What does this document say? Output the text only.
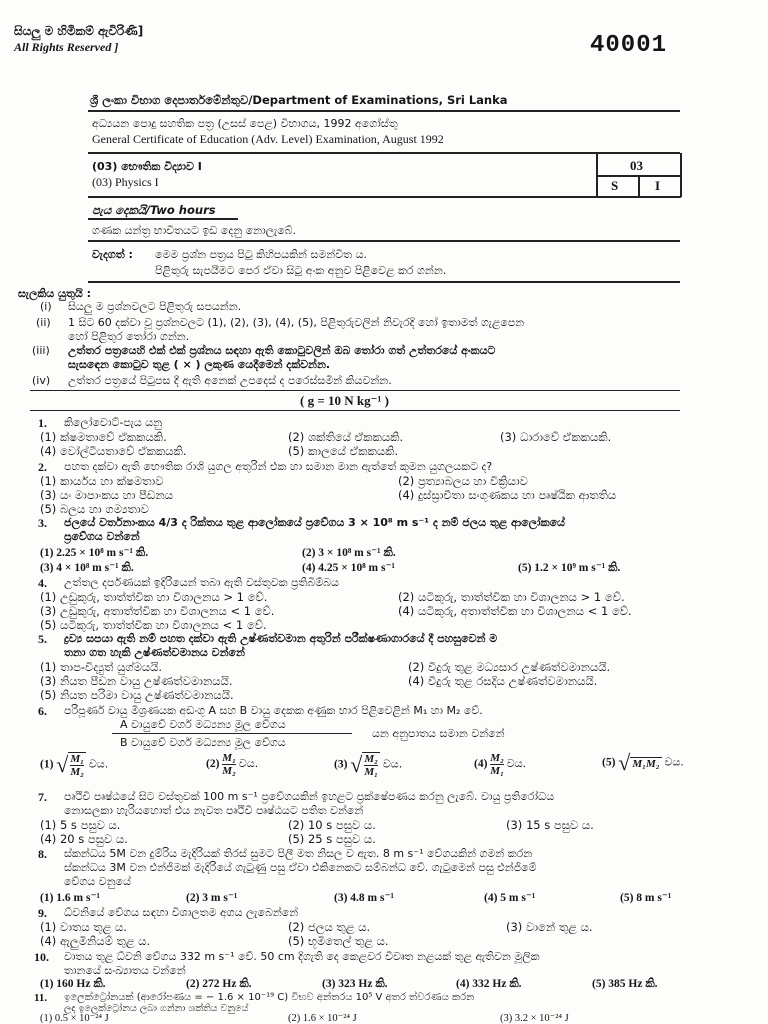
සියලු ම හිමිකම් ඇවිරිණි]
All Rights Reserved ]	40001
ශ්‍රී ලංකා විභාග දෙපාර්තමේන්තුව/Department of Examinations, Sri Lanka
අධ්‍යයන පොදු සහතික පත්‍ර (උසස් පෙළ) විභාගය, 1992 අගෝස්තු
General Certificate of Education (Adv. Level) Examination, August 1992
(03) භෞතික විද්‍යාව I
(03) Physics I
03
S	I
පැය දෙකයි/Two hours
ගණක යන්ත්‍ර භාවිතයට ඉඩ දෙනු නොලැබේ.
වැදගත් : මෙම ප්‍රශ්න පත්‍රය පිටු කිහිපයකින් සමන්විත ය.
පිළිතුරු සැපයීමට පෙර ඒවා සිටු අංක අනුව පිළිවෙළ කර ගන්න.
සැලකිය යුතුයි :
(i) සියලු ම ප්‍රශ්නවලට පිළිතුරු සපයන්න.
(ii) 1 සිට 60 දක්වා වූ ප්‍රශ්නවලට (1), (2), (3), (4), (5), පිළිතුරුවලින් නිවැරදි හෝ ඉතාමත් ගැළපෙන
හෝ පිළිතුර තෝරා ගන්න.
(iii) උත්තර පත්‍රයෙහි එක් එක් ප්‍රශ්නය සඳහා ඇති කොටුවලින් ඔබ තෝරා ගත් උත්තරයේ අංකයට
සැසඳෙන කොටුව තුළ ( × ) ලකුණ යෙදීමෙන් දක්වන්න.
(iv) උත්තර පත්‍රයේ පිටුපස දී ඇති අනෙක් උපදෙස් ද පරෙස්සමින් කියවන්න.
( g = 10 N kg⁻¹ )
1. කිලෝවොට්-පැය යනු
(1) ක්ෂමතාවේ ඒකකයකි.	(2) ශක්තියේ ඒකකයකි.	(3) ධාරාවේ ඒකකයකි.
(4) වෝල්ටීයතාවේ ඒකකයකි.	(5) කාලයේ ඒකකයකි.
2. පහත දක්වා ඇති භෞතික රාශි යුගල අතුරින් එක හා සමාන මාන ඇත්තේ කුමන යුගලයකට ද?
(1) කාර්යය හා ක්ෂමතාව	(2) ප්‍රත්‍යාබලය හා වික්‍රියාව
(3) යං මාපාංකය හා පීඩනය	(4) දුස්ස්‍රාවීතා සංගුණකය හා පෘෂ්ඨික ආතතිය
(5) බලය හා ගම්‍යතාව
3. ජලයේ වර්තනාංකය 4/3 ද රික්තය තුළ ආලෝකයේ ප්‍රවේගය 3 × 10⁸ m s⁻¹ ද නම් ජලය තුළ ආලෝකයේ
ප්‍රවේගය වන්නේ
(1) 2.25 × 10⁸ m s⁻¹ කි.	(2) 3 × 10⁸ m s⁻¹ කි.
(3) 4 × 10⁸ m s⁻¹ කි.	(4) 4.25 × 10⁸ m s⁻¹	(5) 1.2 × 10⁹ m s⁻¹ කි.
4. උත්තල දර්පණයක් ඉදිරියෙන් තබා ඇති වස්තුවක ප්‍රතිබිම්බය
(1) උඩුකුරු, තාත්ත්වික හා විශාලනය > 1 වේ.	(2) යටිකුරු, තාත්ත්වික හා විශාලනය > 1 වේ.
(3) උඩුකුරු, අතාත්ත්වික හා විශාලනය < 1 වේ.	(4) යටිකුරු, අතාත්ත්වික හා විශාලනය < 1 වේ.
(5) යටිකුරු, තාත්ත්වික හා විශාලනය < 1 වේ.
5. ද්‍රව්‍ය සපයා ඇති නම් පහත දක්වා ඇති උෂ්ණත්වමාන අතුරින් පරීක්ෂණාගාරයේ දී පහසුවෙන් ම
තනා ගත හැකි උෂ්ණත්වමානය වන්නේ
(1) තාප-විද්‍යුත් යුග්මයයි.	(2) වීදුරු තුළ මධ්‍යසාර උෂ්ණත්වමානයයි.
(3) නියත පීඩන වායු උෂ්ණත්වමානයයි.	(4) වීදුරු තුළ රසදිය උෂ්ණත්වමානයයි.
(5) නියත පරිමා වායු උෂ්ණත්වමානයයි.
6. පරිපූර්ණ වායු මිශ්‍රණයක අඩංගු A සහ B වායු දෙකක අණුක භාර පිළිවෙළින් M₁ හා M₂ වේ.
A වායුවේ වර්ග මධ්‍යන්‍ය මූල වේගය
B වායුවේ වර්ග මධ්‍යන්‍ය මූල වේගය
යන අනුපාතය සමාන වන්නේ
(1) √ $\frac{\text{M₁}}{\text{M₂}}$ වය.	$(2) \frac{\text{M₁}}{\text{M₂}}$ වය.	(3) √ $\frac{\text{M₂}}{\text{M₁}}$ වය.	$(4) \frac{\text{M₂}}{\text{M₁}}$ වය.	(5) √ M₁M₂ වය.
7. පෘථිවි පෘෂ්ඨයේ සිට වස්තුවක් 100 m s⁻¹ ප්‍රවේගයකින් ඉහළට ප්‍රක්ෂේපණය කරනු ලැබේ. වායු ප්‍රතිරෝධය
නොසලකා හැරියහොත් එය නැවත පෘථිවි පෘෂ්ඨයට පතිත වන්නේ
(1) 5 s පසුව ය.	(2) 10 s පසුව ය.	(3) 15 s පසුව ය.
(4) 20 s පසුව ය.	(5) 25 s පසුව ය.
8. ස්කන්ධය 5M වන දුම්රිය මැදිරියක් තිරස් සුමට පිලී මත නිසල ව ඇත. 8 m s⁻¹ වේගයකින් ගමන් කරන
ස්කන්ධය 3M වන එන්ජිමක් මැදිරියේ ගැටුණු පසු ඒවා එකිනෙකට සම්බන්ධ වේ. ගැටුමෙන් පසු එන්ජිමේ
වේගය වනුයේ
(1) 1.6 m s⁻¹	(2) 3 m s⁻¹	(3) 4.8 m s⁻¹	(4) 5 m s⁻¹	(5) 8 m s⁻¹
9. ධ්වනියේ වේගය සඳහා විශාලතම අගය ලැබෙන්නේ
(1) වාතය තුළ ය.	(2) ජලය තුළ ය.	(3) වානේ තුළ ය.
(4) ඇලුමිනියම් තුළ ය.	(5) භූමිතෙල් තුළ ය.
10. වාතය තුළ ධ්වනි වේගය 332 m s⁻¹ වේ. 50 cm දිගැති දෙ කෙළවර විවෘත නළයක් තුළ ඇතිවන මූලික
තානයේ සංඛ්‍යාතය වන්නේ
(1) 160 Hz කි.	(2) 272 Hz කි.	(3) 323 Hz කි.	(4) 332 Hz කි.	(5) 385 Hz කි.
11. ඉලෙක්ට්‍රෝනයක් (ආරෝපණය = − 1.6 × 10⁻¹⁹ C) විභව අන්තරය 10⁵ V අතර ත්වරණය කරන
ලද ඉලෙක්ට්‍රෝනය ලබා ගන්නා ශක්තිය වනුයේ
(1) 0.5 × 10⁻²⁴ J	(2) 1.6 × 10⁻²⁴ J	(3) 3.2 × 10⁻²⁴ J
